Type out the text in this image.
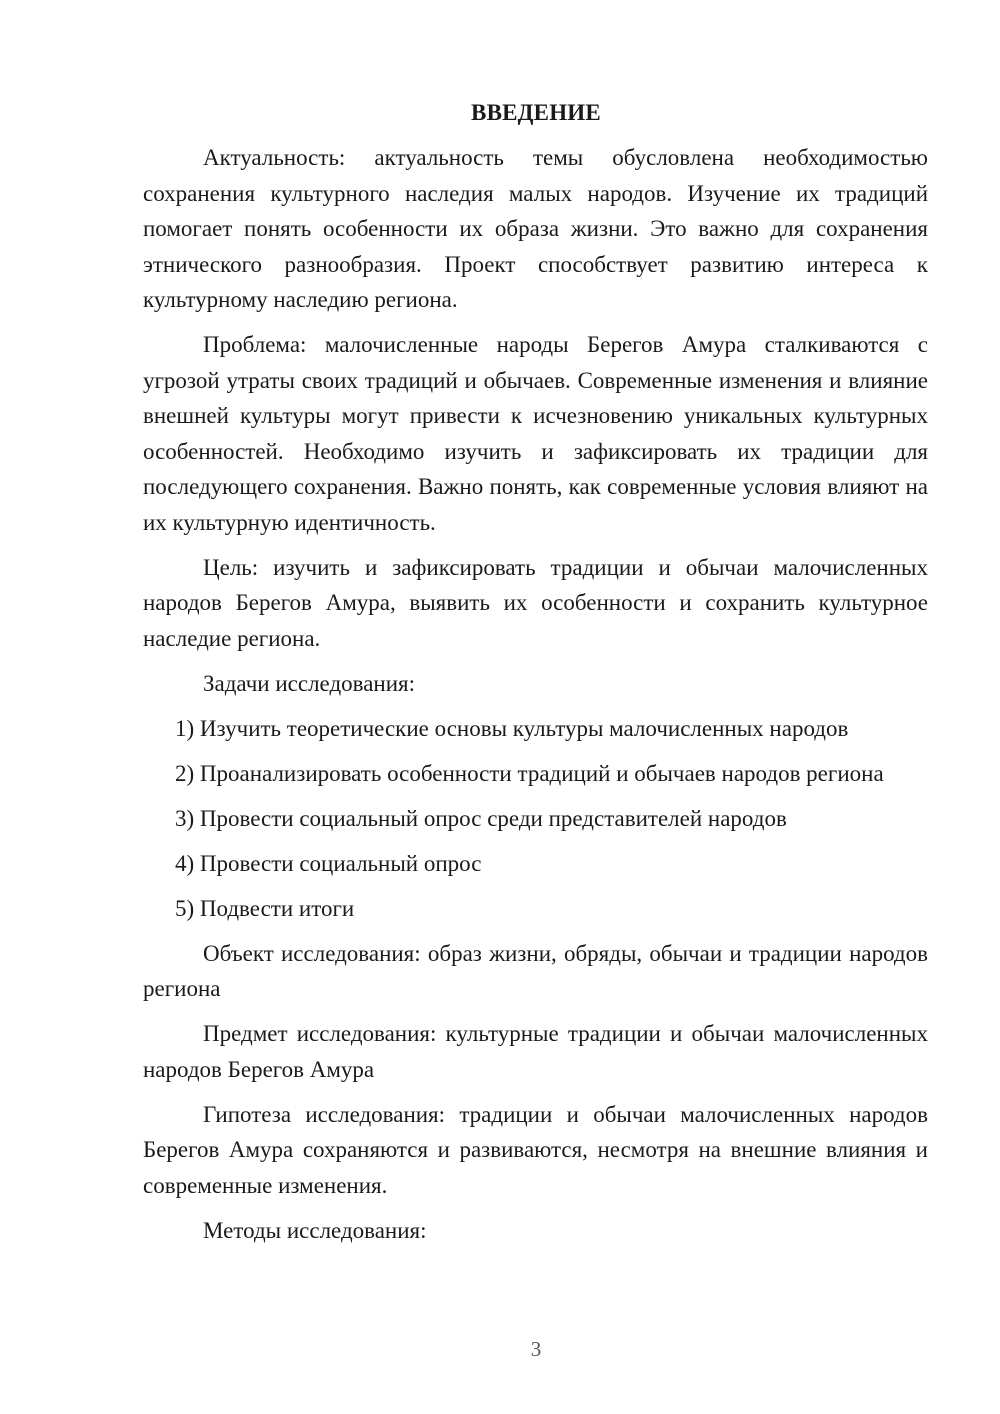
ВВЕДЕНИЕ

Актуальность: актуальность темы обусловлена необходимостью сохранения культурного наследия малых народов. Изучение их традиций помогает понять особенности их образа жизни. Это важно для сохранения этнического разнообразия. Проект способствует развитию интереса к культурному наследию региона.

Проблема: малочисленные народы Берегов Амура сталкиваются с угрозой утраты своих традиций и обычаев. Современные изменения и влияние внешней культуры могут привести к исчезновению уникальных культурных особенностей. Необходимо изучить и зафиксировать их традиции для последующего сохранения. Важно понять, как современные условия влияют на их культурную идентичность.

Цель: изучить и зафиксировать традиции и обычаи малочисленных народов Берегов Амура, выявить их особенности и сохранить культурное наследие региона.

Задачи исследования:

1) Изучить теоретические основы культуры малочисленных народов

2) Проанализировать особенности традиций и обычаев народов региона

3) Провести социальный опрос среди представителей народов

4) Провести социальный опрос

5) Подвести итоги

Объект исследования: образ жизни, обряды, обычаи и традиции народов региона

Предмет исследования: культурные традиции и обычаи малочисленных народов Берегов Амура

Гипотеза исследования: традиции и обычаи малочисленных народов Берегов Амура сохраняются и развиваются, несмотря на внешние влияния и современные изменения.

Методы исследования:

3
